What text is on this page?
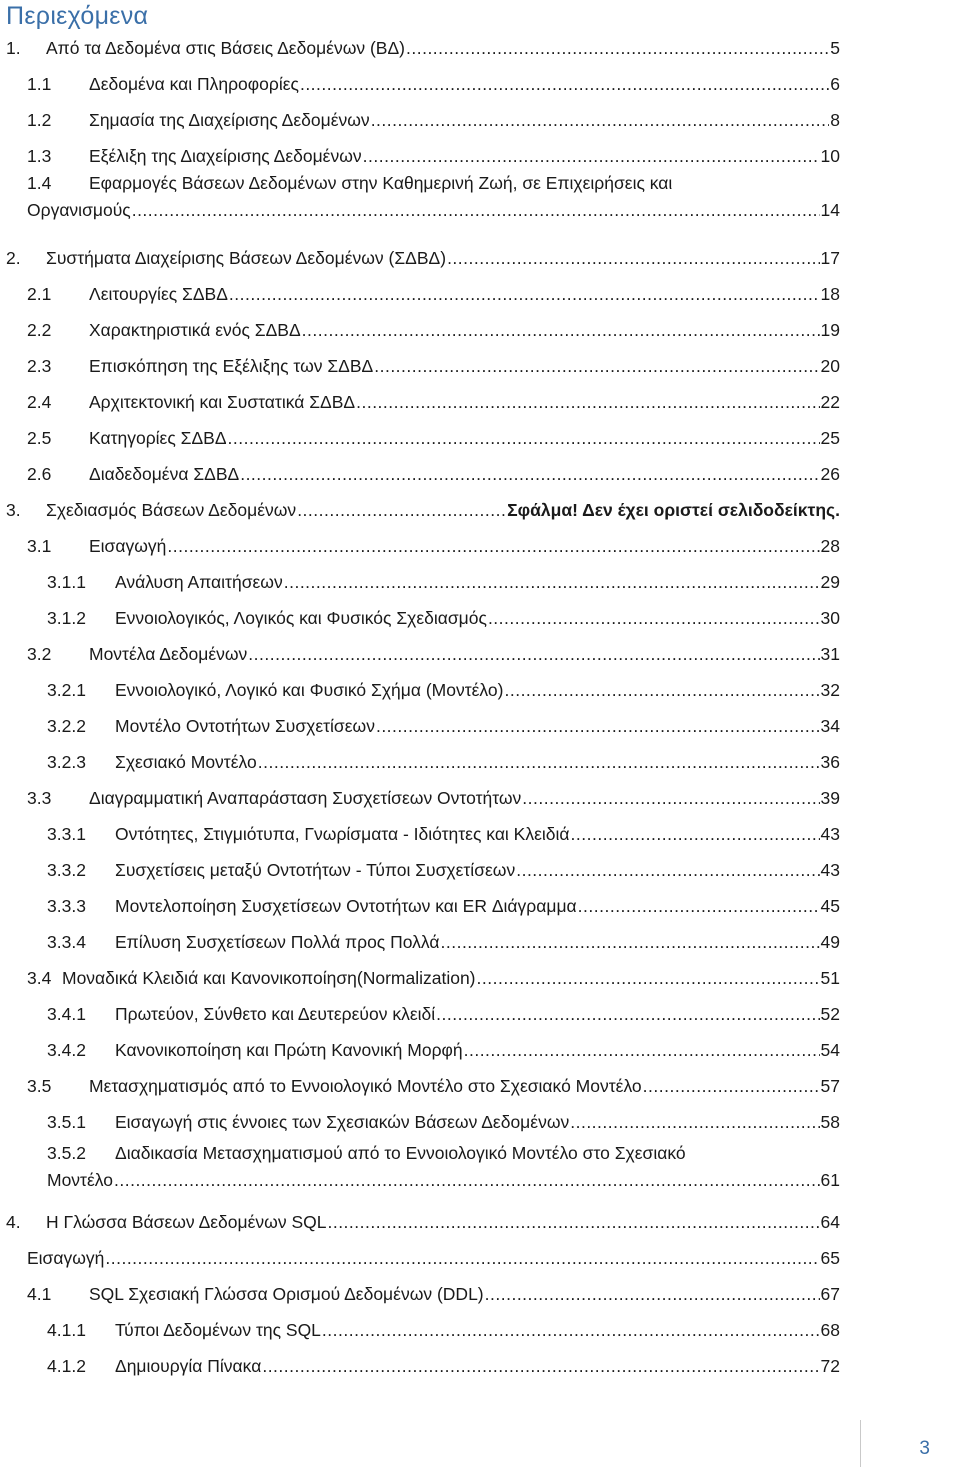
Περιεχόμενα
1.	Από τα Δεδομένα στις Βάσεις Δεδομένων (ΒΔ) .....	5
1.1	Δεδομένα και Πληροφορίες .....	6
1.2	Σημασία της Διαχείρισης Δεδομένων .....	8
1.3	Εξέλιξη της Διαχείρισης Δεδομένων .....	10
1.4	Εφαρμογές Βάσεων Δεδομένων στην Καθημερινή Ζωή, σε Επιχειρήσεις και
Οργανισμούς .....	14
2.	Συστήματα Διαχείρισης Βάσεων Δεδομένων (ΣΔΒΔ) .....	17
2.1	Λειτουργίες ΣΔΒΔ .....	18
2.2	Χαρακτηριστικά ενός ΣΔΒΔ .....	19
2.3	Επισκόπηση της Εξέλιξης των ΣΔΒΔ .....	20
2.4	Αρχιτεκτονική και Συστατικά ΣΔΒΔ .....	22
2.5	Κατηγορίες ΣΔΒΔ .....	25
2.6	Διαδεδομένα ΣΔΒΔ .....	26
3.	Σχεδιασμός Βάσεων Δεδομένων .....	Σφάλμα! Δεν έχει οριστεί σελιδοδείκτης.
3.1	Εισαγωγή .....	28
3.1.1	Ανάλυση Απαιτήσεων .....	29
3.1.2	Εννοιολογικός, Λογικός και Φυσικός Σχεδιασμός .....	30
3.2	Μοντέλα Δεδομένων .....	31
3.2.1	Εννοιολογικό, Λογικό και Φυσικό Σχήμα (Μοντέλο) .....	32
3.2.2	Μοντέλο Οντοτήτων Συσχετίσεων .....	34
3.2.3	Σχεσιακό Μοντέλο .....	36
3.3	Διαγραμματική Αναπαράσταση Συσχετίσεων Οντοτήτων .....	39
3.3.1	Οντότητες, Στιγμιότυπα, Γνωρίσματα - Ιδιότητες και Κλειδιά .....	43
3.3.2	Συσχετίσεις μεταξύ Οντοτήτων - Τύποι Συσχετίσεων .....	43
3.3.3	Μοντελοποίηση Συσχετίσεων Οντοτήτων και ER Διάγραμμα .....	45
3.3.4	Επίλυση Συσχετίσεων Πολλά προς Πολλά .....	49
3.4 Μοναδικά Κλειδιά και Κανονικοποίηση(Normalization) .....	51
3.4.1	Πρωτεύον, Σύνθετο και Δευτερεύον κλειδί .....	52
3.4.2	Κανονικοποίηση και Πρώτη Κανονική Μορφή .....	54
3.5	Μετασχηματισμός από το Εννοιολογικό Μοντέλο στο Σχεσιακό Μοντέλο .....	57
3.5.1	Εισαγωγή στις έννοιες των Σχεσιακών Βάσεων Δεδομένων .....	58
3.5.2	Διαδικασία Μετασχηματισμού από το Εννοιολογικό Μοντέλο στο Σχεσιακό
Μοντέλο .....	61
4.	Η Γλώσσα Βάσεων Δεδομένων SQL .....	64
Εισαγωγή .....	65
4.1	SQL Σχεσιακή Γλώσσα Ορισμού Δεδομένων (DDL) .....	67
4.1.1	Τύποι Δεδομένων της SQL .....	68
4.1.2	Δημιουργία Πίνακα .....	72
3
